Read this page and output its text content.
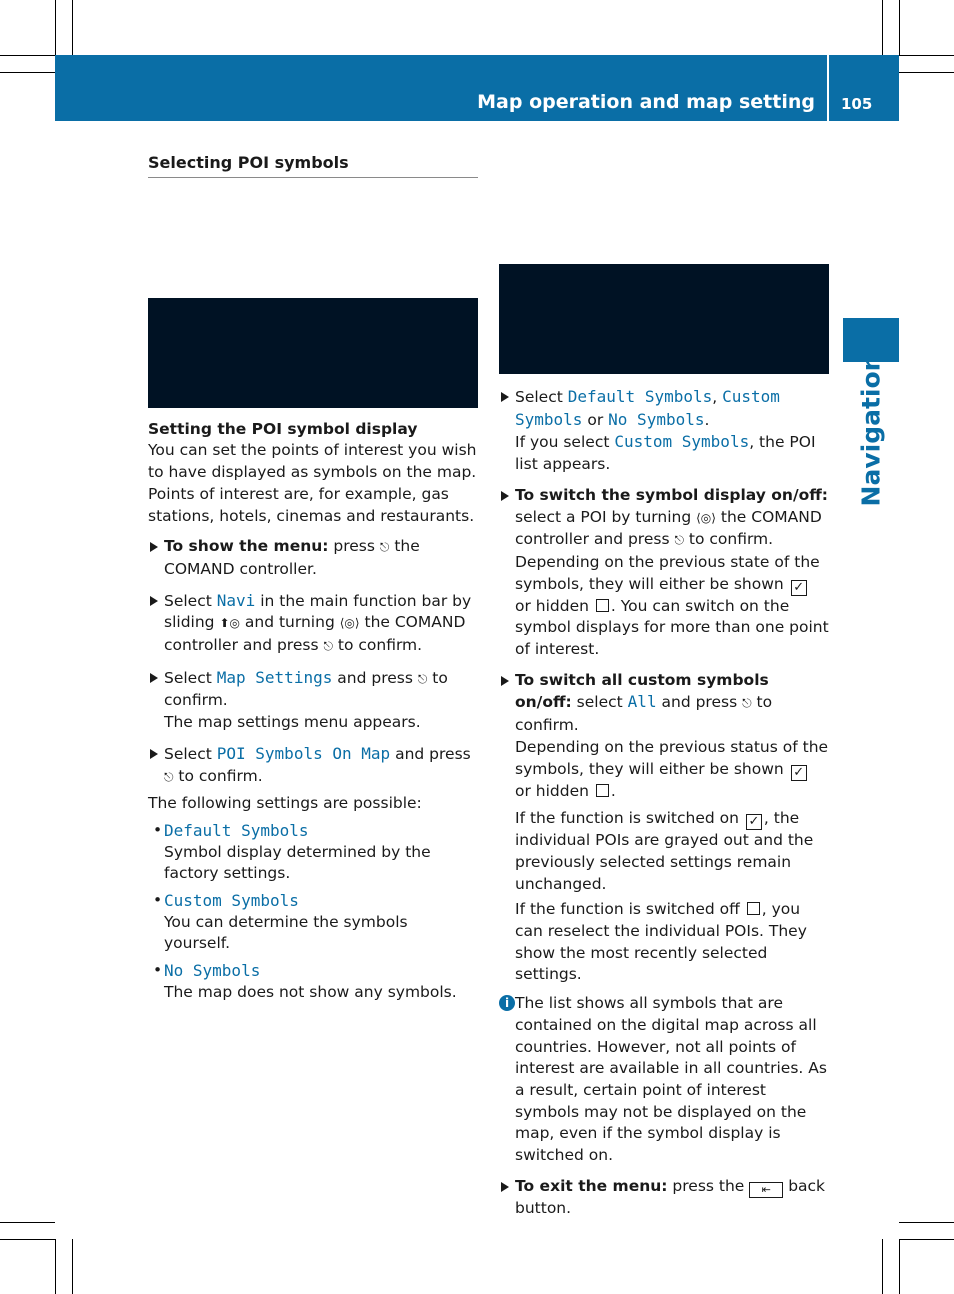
Map operation and map setting 105
Navigation
Selecting POI symbols
Setting the POI symbol display

You can set the points of interest you wish to have displayed as symbols on the map. Points of interest are, for example, gas stations, hotels, cinemas and restaurants.

To show the menu: press ⎋ the COMAND controller.
Select Navi in the main function bar by sliding ⬆◎ and turning ⟨◎⟩ the COMAND controller and press ⎋ to confirm.
Select Map Settings and press ⎋ to confirm.
The map settings menu appears.
Select POI Symbols On Map and press ⎋ to confirm.

The following settings are possible:

• Default Symbols
Symbol display determined by the factory settings.
• Custom Symbols
You can determine the symbols yourself.
• No Symbols
The map does not show any symbols.
Select Default Symbols, Custom Symbols or No Symbols.
If you select Custom Symbols, the POI list appears.
To switch the symbol display on/off: select a POI by turning ⟨◎⟩ the COMAND controller and press ⎋ to confirm.
Depending on the previous state of the symbols, they will either be shown ✓ or hidden . You can switch on the symbol displays for more than one point of interest.
To switch all custom symbols on/off: select All and press ⎋ to confirm.
Depending on the previous status of the symbols, they will either be shown ✓ or hidden .
If the function is switched on ✓ , the individual POIs are grayed out and the previously selected settings remain unchanged.
If the function is switched off , you can reselect the individual POIs. They show the most recently selected settings.
i The list shows all symbols that are contained on the digital map across all countries. However, not all points of interest are available in all countries. As a result, certain point of interest symbols may not be displayed on the map, even if the symbol display is switched on.
To exit the menu: press the ⇤ back button.
